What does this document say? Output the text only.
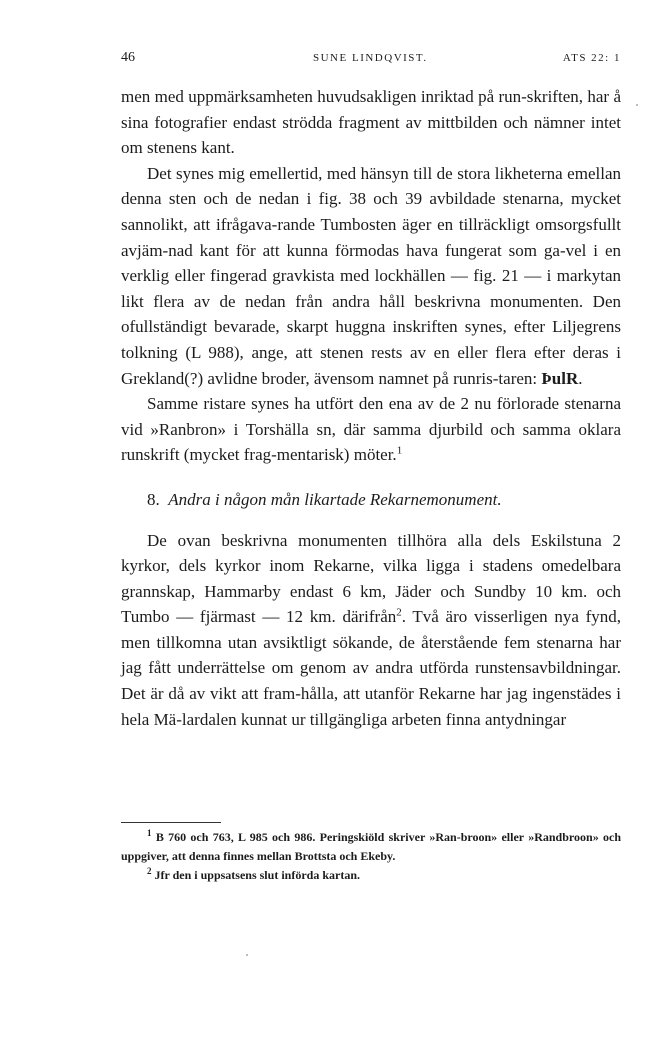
46	SUNE LINDQVIST.	ATS 22: 1

men med uppmärksamheten huvudsakligen inriktad på run-skriften, har å sina fotografier endast strödda fragment av mittbilden och nämner intet om stenens kant.

Det synes mig emellertid, med hänsyn till de stora likheterna emellan denna sten och de nedan i fig. 38 och 39 avbildade stenarna, mycket sannolikt, att ifrågava-rande Tumbosten äger en tillräckligt omsorgsfullt avjäm-nad kant för att kunna förmodas hava fungerat som ga-vel i en verklig eller fingerad gravkista med lockhällen — fig. 21 — i markytan likt flera av de nedan från andra håll beskrivna monumenten. Den ofullständigt bevarade, skarpt huggna inskriften synes, efter Liljegrens tolkning (L 988), ange, att stenen rests av en eller flera efter deras i Grekland(?) avlidne broder, ävensom namnet på runris-taren: ÞulR.

Samme ristare synes ha utfört den ena av de 2 nu förlorade stenarna vid »Ranbron» i Torshälla sn, där samma djurbild och samma oklara runskrift (mycket frag-mentarisk) möter.$^1$

8. Andra i någon mån likartade Rekarnemonument.

De ovan beskrivna monumenten tillhöra alla dels Eskilstuna 2 kyrkor, dels kyrkor inom Rekarne, vilka ligga i stadens omedelbara grannskap, Hammarby endast 6 km, Jäder och Sundby 10 km. och Tumbo — fjärmast — 12 km. därifrån$^2$. Två äro visserligen nya fynd, men tillkomna utan avsiktligt sökande, de återstående fem stenarna har jag fått underrättelse om genom av andra utförda runstensavbildningar. Det är då av vikt att fram-hålla, att utanför Rekarne har jag ingenstädes i hela Mä-lardalen kunnat ur tillgängliga arbeten finna antydningar

$^1$ B 760 och 763, L 985 och 986. Peringskiöld skriver »Ran-broon» eller »Randbroon» och uppgiver, att denna finnes mellan Brottsta och Ekeby.

$^2$ Jfr den i uppsatsens slut införda kartan.
